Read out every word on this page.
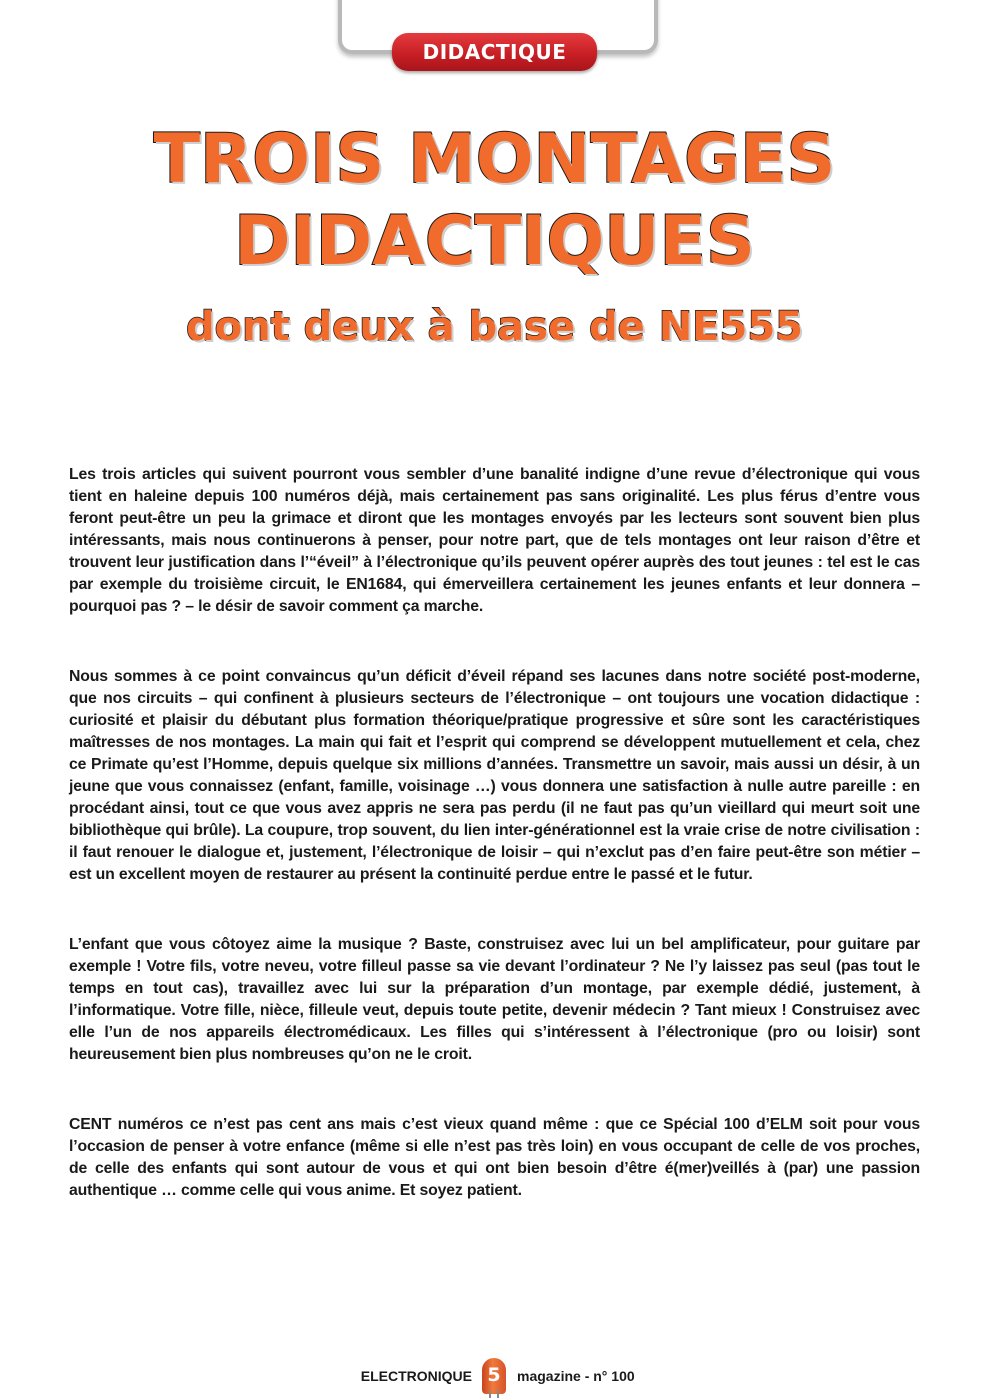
DIDACTIQUE
TROIS MONTAGES
DIDACTIQUES
dont deux à base de NE555

Les trois articles qui suivent pourront vous sembler d’une banalité indigne d’une revue d’électronique qui vous tient en haleine depuis 100 numéros déjà, mais certainement pas sans originalité. Les plus férus d’entre vous feront peut-être un peu la grimace et diront que les montages envoyés par les lecteurs sont souvent bien plus intéressants, mais nous continuerons à penser, pour notre part, que de tels montages ont leur raison d’être et trouvent leur justification dans l’“éveil” à l’électronique qu’ils peuvent opérer auprès des tout jeunes : tel est le cas par exemple du troisième circuit, le EN1684, qui émerveillera certainement les jeunes enfants et leur donnera – pourquoi pas ? – le désir de savoir comment ça marche.

Nous sommes à ce point convaincus qu’un déficit d’éveil répand ses lacunes dans notre société post-moderne, que nos circuits – qui confinent à plusieurs secteurs de l’électronique – ont toujours une vocation didactique : curiosité et plaisir du débutant plus formation théorique/pratique progressive et sûre sont les caractéristiques maîtresses de nos montages. La main qui fait et l’esprit qui comprend se développent mutuellement et cela, chez ce Primate qu’est l’Homme, depuis quelque six millions d’années. Transmettre un savoir, mais aussi un désir, à un jeune que vous connaissez (enfant, famille, voisinage …) vous donnera une satisfaction à nulle autre pareille : en procédant ainsi, tout ce que vous avez appris ne sera pas perdu (il ne faut pas qu’un vieillard qui meurt soit une bibliothèque qui brûle). La coupure, trop souvent, du lien inter-générationnel est la vraie crise de notre civilisation : il faut renouer le dialogue et, justement, l’électronique de loisir – qui n’exclut pas d’en faire peut-être son métier – est un excellent moyen de restaurer au présent la continuité perdue entre le passé et le futur.

L’enfant que vous côtoyez aime la musique ? Baste, construisez avec lui un bel amplificateur, pour guitare par exemple ! Votre fils, votre neveu, votre filleul passe sa vie devant l’ordinateur ? Ne l’y laissez pas seul (pas tout le temps en tout cas), travaillez avec lui sur la préparation d’un montage, par exemple dédié, justement, à l’informatique. Votre fille, nièce, filleule veut, depuis toute petite, devenir médecin ? Tant mieux ! Construisez avec elle l’un de nos appareils électromédicaux. Les filles qui s’intéressent à l’électronique (pro ou loisir) sont heureusement bien plus nombreuses qu’on ne le croit.

CENT numéros ce n’est pas cent ans mais c’est vieux quand même : que ce Spécial 100 d’ELM soit pour vous l’occasion de penser à votre enfance (même si elle n’est pas très loin) en vous occupant de celle de vos proches, de celle des enfants qui sont autour de vous et qui ont bien besoin d’être é(mer)veillés à (par) une passion authentique … comme celle qui vous anime. Et soyez patient.

ELECTRONIQUE 5	magazine - n° 100
